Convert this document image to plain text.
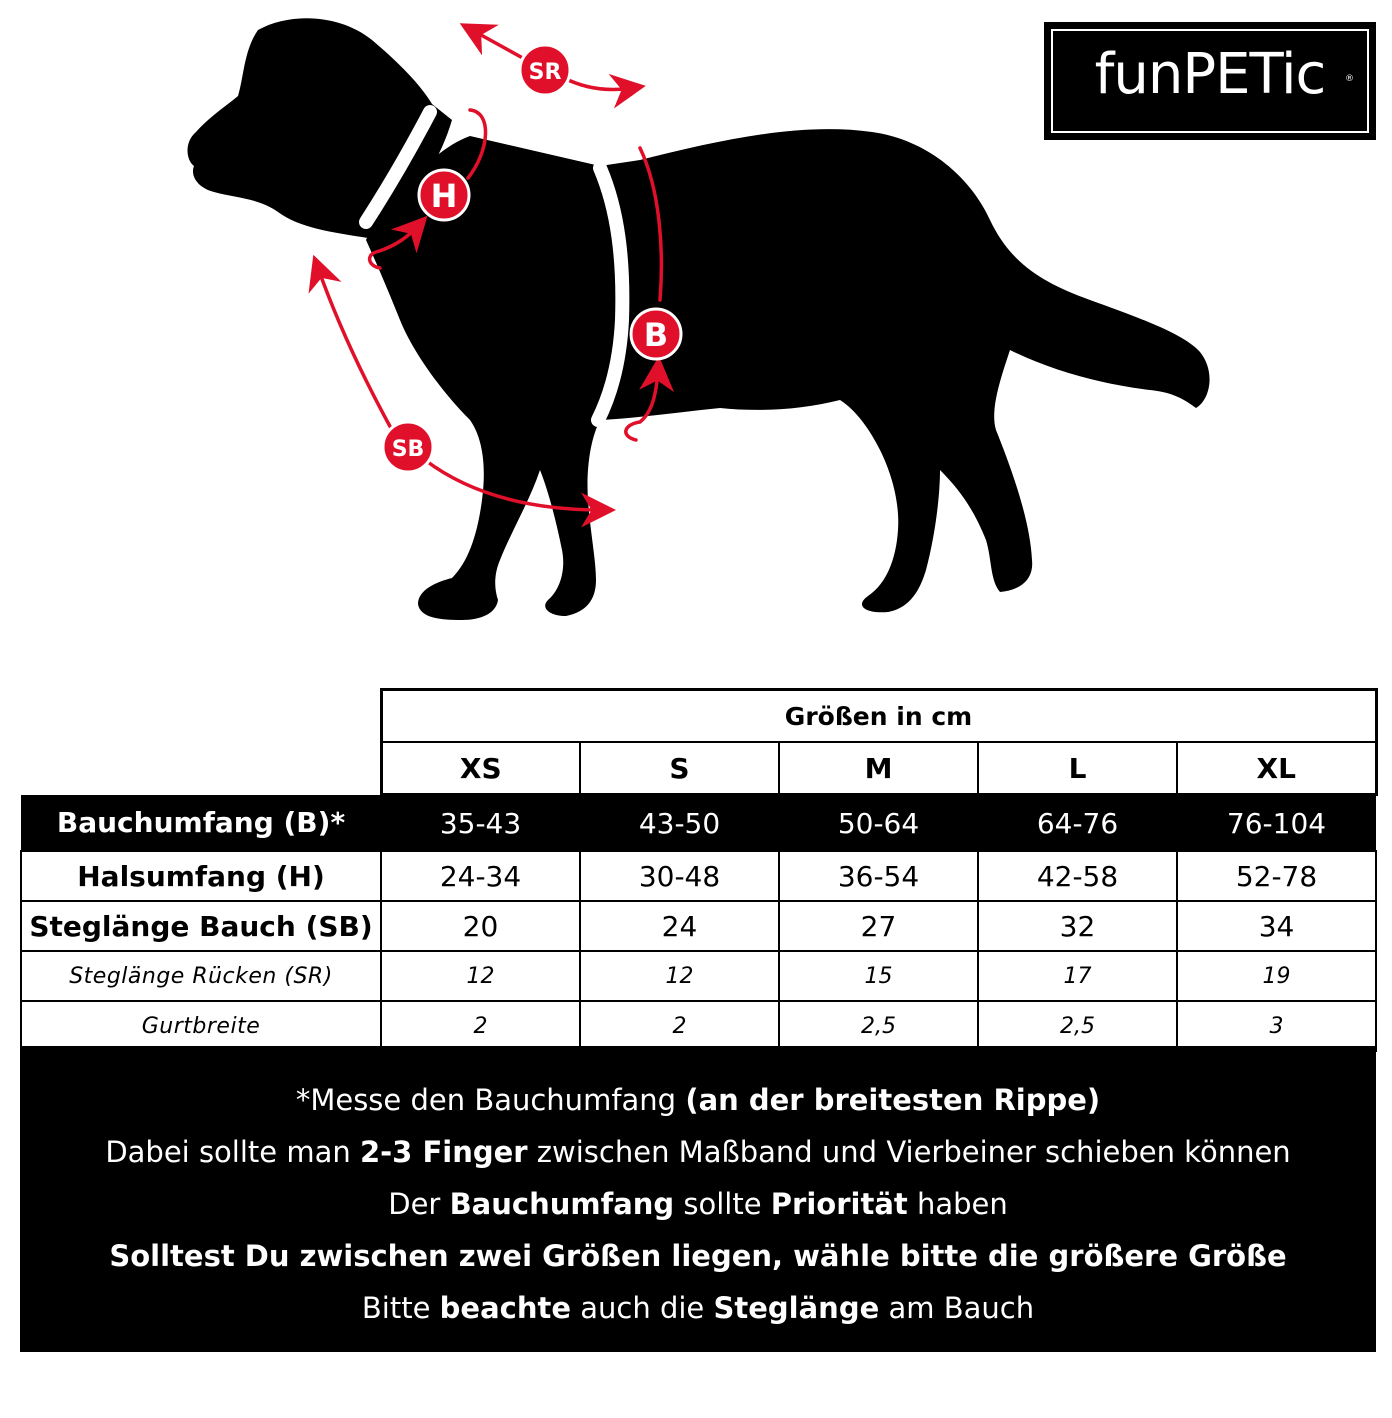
H
B
SR
SB
funPETic	®
	Größen in cm				
	XS	S	M	L	XL
Bauchumfang (B)*	35-43	43-50	50-64	64-76	76-104
Halsumfang (H)	24-34	30-48	36-54	42-58	52-78
Steglänge Bauch (SB)	20	24	27	32	34
Steglänge Rücken (SR)	12	12	15	17	19
Gurtbreite	2	2	2,5	2,5	3
*Messe den Bauchumfang (an der breitesten Rippe)
Dabei sollte man 2-3 Finger zwischen Maßband und Vierbeiner schieben können
Der Bauchumfang sollte Priorität haben
Solltest Du zwischen zwei Größen liegen, wähle bitte die größere Größe
Bitte beachte auch die Steglänge am Bauch
